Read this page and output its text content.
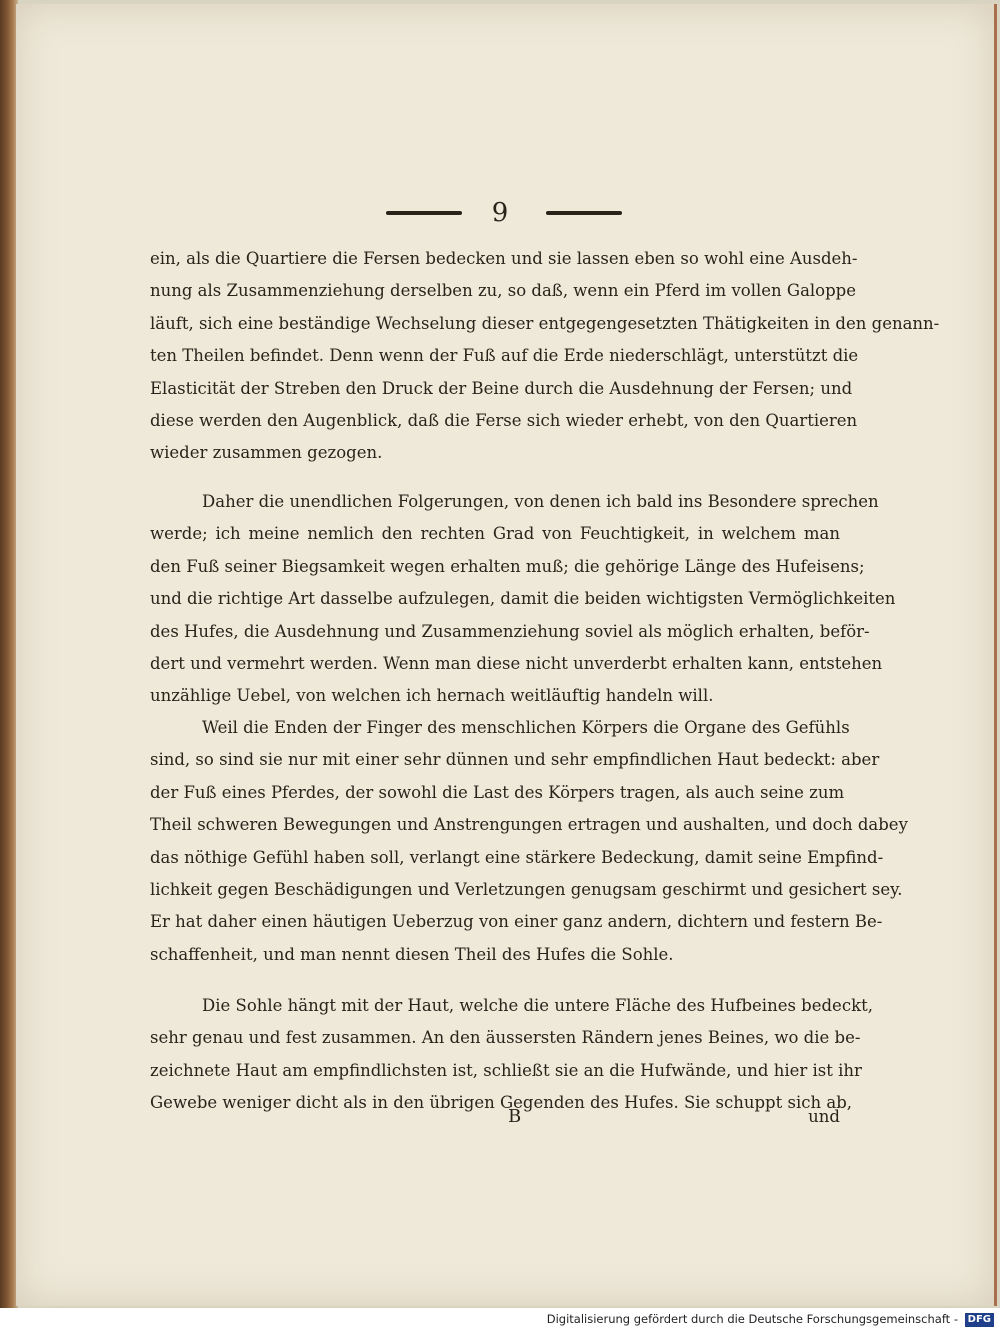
9
ein, als die Quartiere die Fersen bedecken und sie lassen eben so wohl eine Ausdeh-
nung als Zusammenziehung derselben zu, so daß, wenn ein Pferd im vollen Galoppe
läuft, sich eine beständige Wechselung dieser entgegengesetzten Thätigkeiten in den genann-
ten Theilen befindet. Denn wenn der Fuß auf die Erde niederschlägt, unterstützt die
Elasticität der Streben den Druck der Beine durch die Ausdehnung der Fersen; und
diese werden den Augenblick, daß die Ferse sich wieder erhebt, von den Quartieren
wieder zusammen gezogen.
Daher die unendlichen Folgerungen, von denen ich bald ins Besondere sprechen
werde; ich meine nemlich den rechten Grad von Feuchtigkeit, in welchem man
den Fuß seiner Biegsamkeit wegen erhalten muß; die gehörige Länge des Hufeisens;
und die richtige Art dasselbe aufzulegen, damit die beiden wichtigsten Vermöglichkeiten
des Hufes, die Ausdehnung und Zusammenziehung soviel als möglich erhalten, beför-
dert und vermehrt werden. Wenn man diese nicht unverderbt erhalten kann, entstehen
unzählige Uebel, von welchen ich hernach weitläuftig handeln will.
Weil die Enden der Finger des menschlichen Körpers die Organe des Gefühls
sind, so sind sie nur mit einer sehr dünnen und sehr empfindlichen Haut bedeckt: aber
der Fuß eines Pferdes, der sowohl die Last des Körpers tragen, als auch seine zum
Theil schweren Bewegungen und Anstrengungen ertragen und aushalten, und doch dabey
das nöthige Gefühl haben soll, verlangt eine stärkere Bedeckung, damit seine Empfind-
lichkeit gegen Beschädigungen und Verletzungen genugsam geschirmt und gesichert sey.
Er hat daher einen häutigen Ueberzug von einer ganz andern, dichtern und festern Be-
schaffenheit, und man nennt diesen Theil des Hufes die Sohle.
Die Sohle hängt mit der Haut, welche die untere Fläche des Hufbeines bedeckt,
sehr genau und fest zusammen. An den äussersten Rändern jenes Beines, wo die be-
zeichnete Haut am empfindlichsten ist, schließt sie an die Hufwände, und hier ist ihr
Gewebe weniger dicht als in den übrigen Gegenden des Hufes. Sie schuppt sich ab,
B	und
Digitalisierung gefördert durch die Deutsche Forschungsgemeinschaft - DFG
